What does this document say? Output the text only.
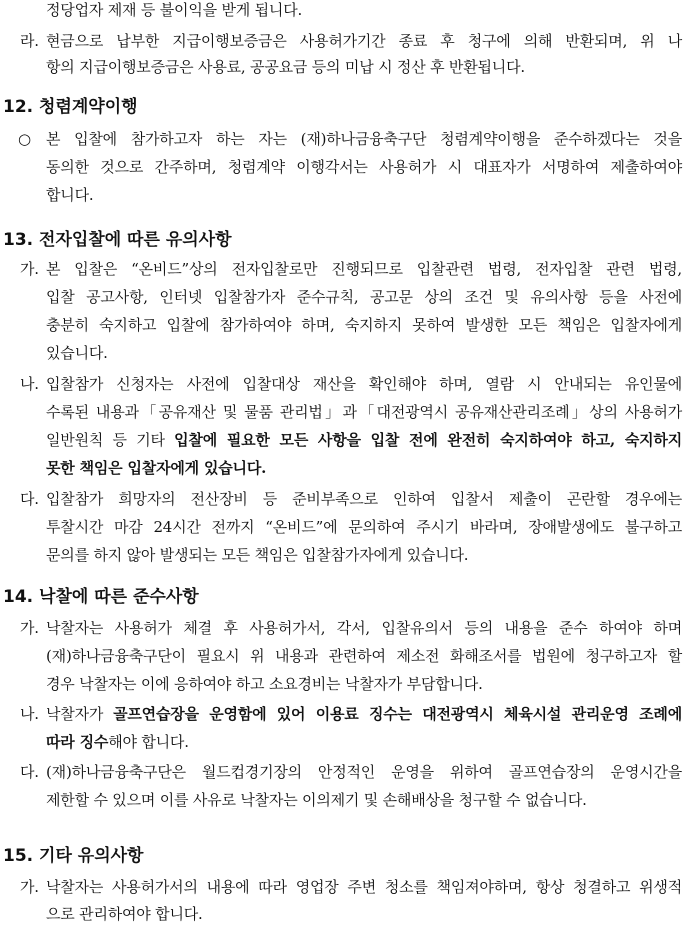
정당업자 제재 등 불이익을 받게 됩니다.
라. 현금으로 납부한 지급이행보증금은 사용허가기간 종료 후 청구에 의해 반환되며, 위 나
항의 지급이행보증금은 사용료, 공공요금 등의 미납 시 정산 후 반환됩니다.
12. 청렴계약이행
○ 본 입찰에 참가하고자 하는 자는 (재)하나금융축구단 청렴계약이행을 준수하겠다는 것을
동의한 것으로 간주하며, 청렴계약 이행각서는 사용허가 시 대표자가 서명하여 제출하여야
합니다.
13. 전자입찰에 따른 유의사항
가. 본 입찰은 “온비드”상의 전자입찰로만 진행되므로 입찰관련 법령, 전자입찰 관련 법령,
입찰 공고사항, 인터넷 입찰참가자 준수규칙, 공고문 상의 조건 및 유의사항 등을 사전에
충분히 숙지하고 입찰에 참가하여야 하며, 숙지하지 못하여 발생한 모든 책임은 입찰자에게
있습니다.
나. 입찰참가 신청자는 사전에 입찰대상 재산을 확인해야 하며, 열람 시 안내되는 유인물에
수록된 내용과「공유재산 및 물품 관리법」과「대전광역시 공유재산관리조례」상의 사용허가
일반원칙 등 기타 입찰에 필요한 모든 사항을 입찰 전에 완전히 숙지하여야 하고, 숙지하지
못한 책임은 입찰자에게 있습니다.
다. 입찰참가 희망자의 전산장비 등 준비부족으로 인하여 입찰서 제출이 곤란할 경우에는
투찰시간 마감 24시간 전까지 “온비드”에 문의하여 주시기 바라며, 장애발생에도 불구하고
문의를 하지 않아 발생되는 모든 책임은 입찰참가자에게 있습니다.
14. 낙찰에 따른 준수사항
가. 낙찰자는 사용허가 체결 후 사용허가서, 각서, 입찰유의서 등의 내용을 준수 하여야 하며
(재)하나금융축구단이 필요시 위 내용과 관련하여 제소전 화해조서를 법원에 청구하고자 할
경우 낙찰자는 이에 응하여야 하고 소요경비는 낙찰자가 부담합니다.
나. 낙찰자가 골프연습장을 운영함에 있어 이용료 징수는 대전광역시 체육시설 관리운영 조례에
따라 징수해야 합니다.
다. (재)하나금융축구단은 월드컵경기장의 안정적인 운영을 위하여 골프연습장의 운영시간을
제한할 수 있으며 이를 사유로 낙찰자는 이의제기 및 손해배상을 청구할 수 없습니다.
15. 기타 유의사항
가. 낙찰자는 사용허가서의 내용에 따라 영업장 주변 청소를 책임져야하며, 항상 청결하고 위생적
으로 관리하여야 합니다.
